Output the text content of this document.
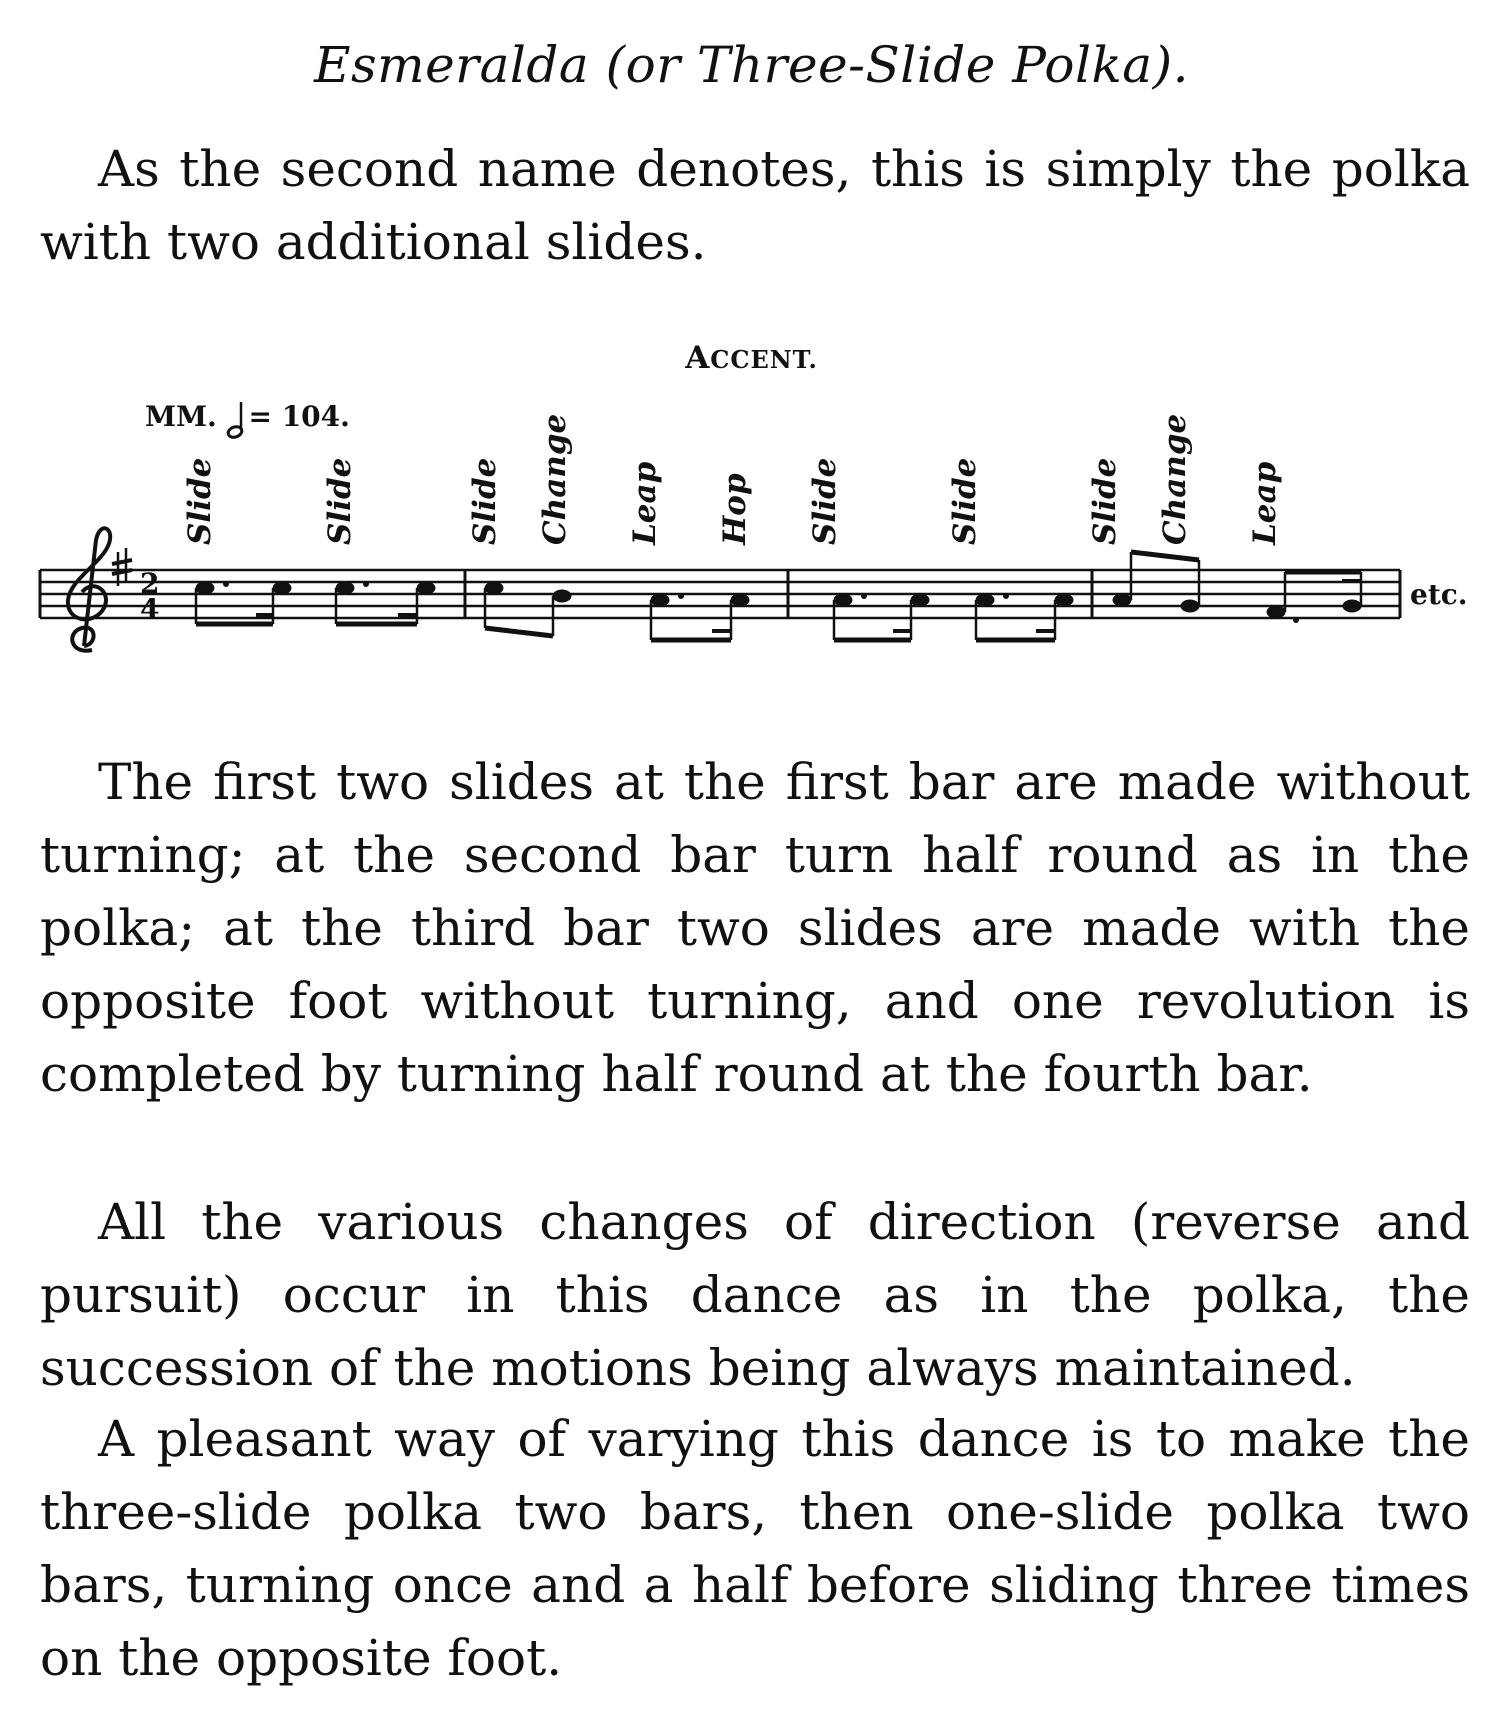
Esmeralda (or Three-Slide Polka).

As the second name denotes, this is simply the polka with two additional slides.

ACCENT.
MM. = 104.
Slide	Slide	Slide Change Leap Hop Slide	Slide	Slide Change Leap
2
4	etc.

The first two slides at the first bar are made without turning; at the second bar turn half round as in the polka; at the third bar two slides are made with the opposite foot without turning, and one revolution is completed by turning half round at the fourth bar.

All the various changes of direction (reverse and pursuit) occur in this dance as in the polka, the succession of the motions being always maintained.

A pleasant way of varying this dance is to make the three-slide polka two bars, then one-slide polka two bars, turning once and a half before sliding three times on the opposite foot.
